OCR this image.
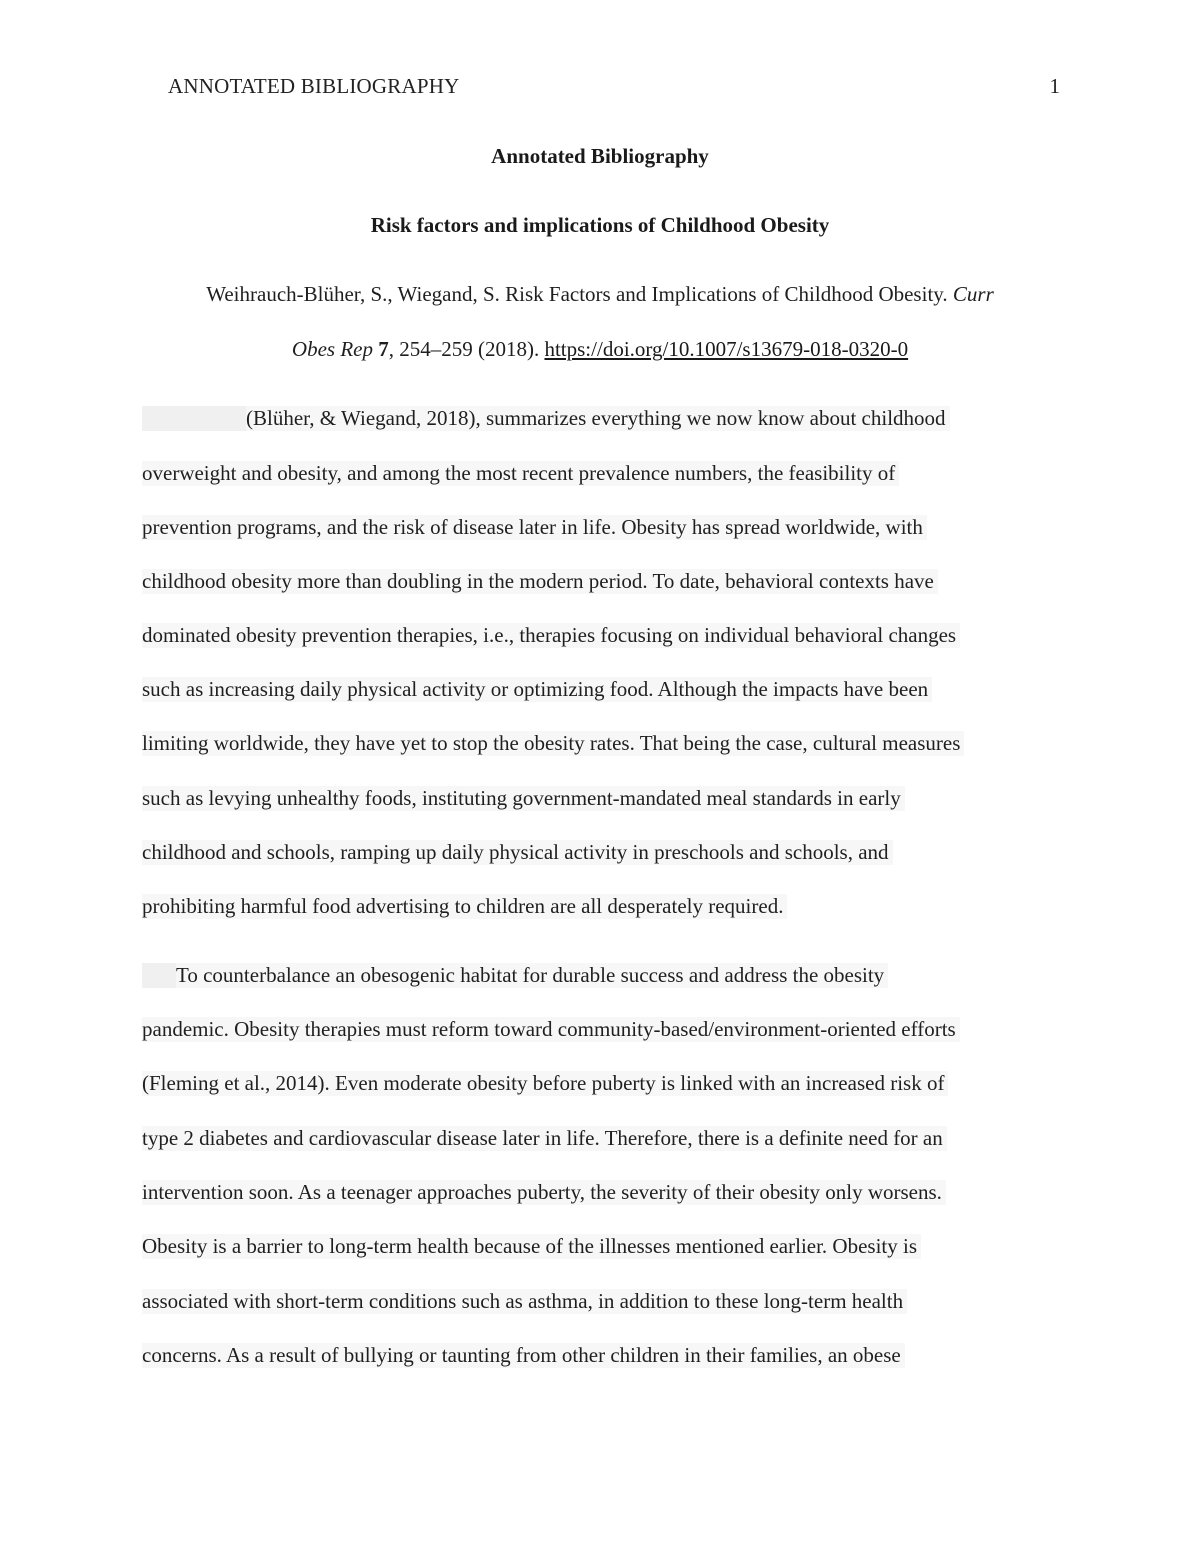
ANNOTATED BIBLIOGRAPHY	1
Annotated Bibliography
Risk factors and implications of Childhood Obesity
Weihrauch-Blüher, S., Wiegand, S. Risk Factors and Implications of Childhood Obesity. Curr
Obes Rep 7, 254–259 (2018). https://doi.org/10.1007/s13679-018-0320-0
(Blüher, & Wiegand, 2018), summarizes everything we now know about childhood
overweight and obesity, and among the most recent prevalence numbers, the feasibility of
prevention programs, and the risk of disease later in life. Obesity has spread worldwide, with
childhood obesity more than doubling in the modern period. To date, behavioral contexts have
dominated obesity prevention therapies, i.e., therapies focusing on individual behavioral changes
such as increasing daily physical activity or optimizing food. Although the impacts have been
limiting worldwide, they have yet to stop the obesity rates. That being the case, cultural measures
such as levying unhealthy foods, instituting government-mandated meal standards in early
childhood and schools, ramping up daily physical activity in preschools and schools, and
prohibiting harmful food advertising to children are all desperately required.
To counterbalance an obesogenic habitat for durable success and address the obesity
pandemic. Obesity therapies must reform toward community-based/environment-oriented efforts
(Fleming et al., 2014). Even moderate obesity before puberty is linked with an increased risk of
type 2 diabetes and cardiovascular disease later in life. Therefore, there is a definite need for an
intervention soon. As a teenager approaches puberty, the severity of their obesity only worsens.
Obesity is a barrier to long-term health because of the illnesses mentioned earlier. Obesity is
associated with short-term conditions such as asthma, in addition to these long-term health
concerns. As a result of bullying or taunting from other children in their families, an obese
